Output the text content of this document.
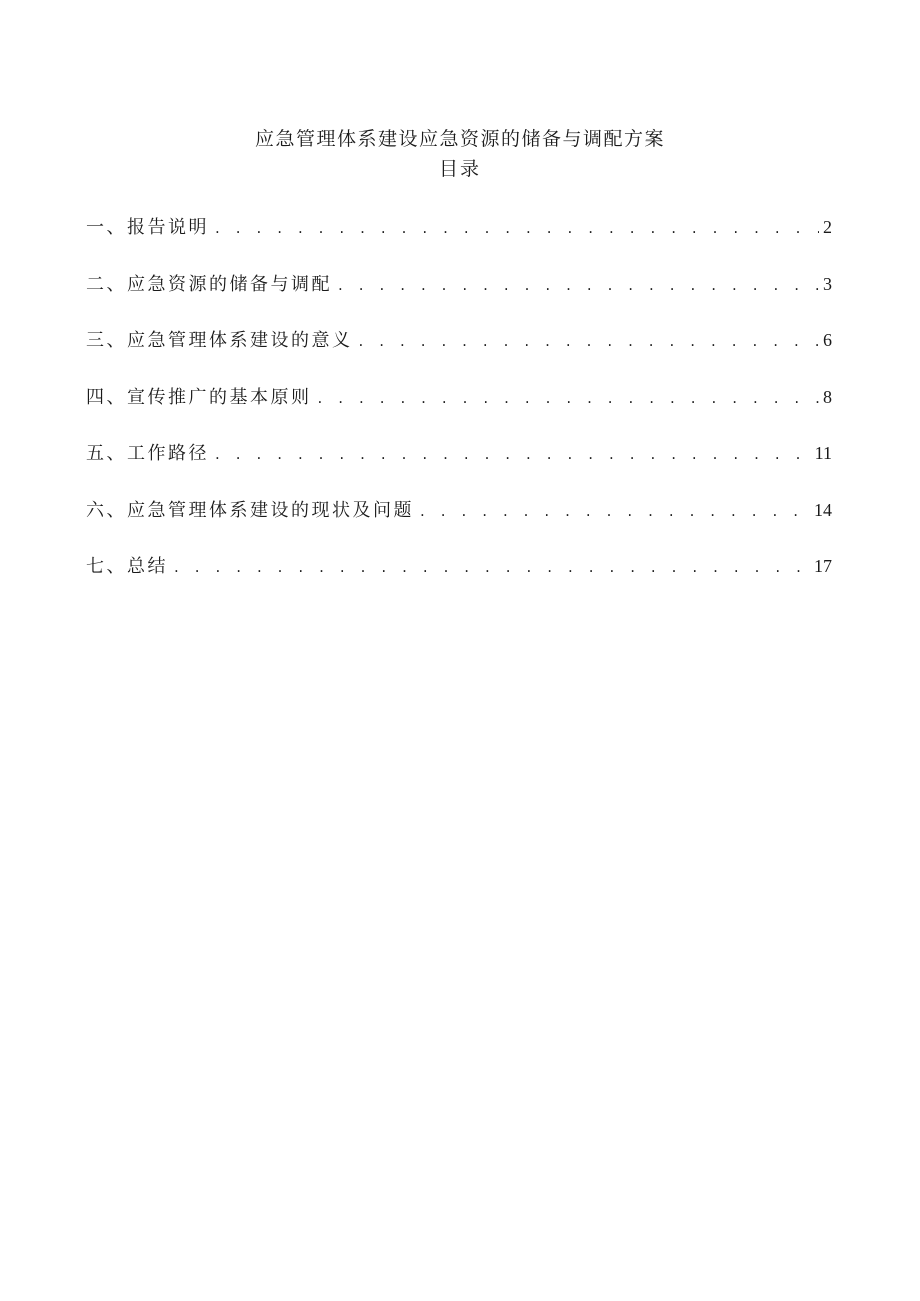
应急管理体系建设应急资源的储备与调配方案
目录
一、报告说明 . . .	2
二、应急资源的储备与调配 . . .	3
三、应急管理体系建设的意义 . . .	6
四、宣传推广的基本原则 . . .	8
五、工作路径 . . .	11
六、应急管理体系建设的现状及问题 . . .	14
七、总结 . . .	17
